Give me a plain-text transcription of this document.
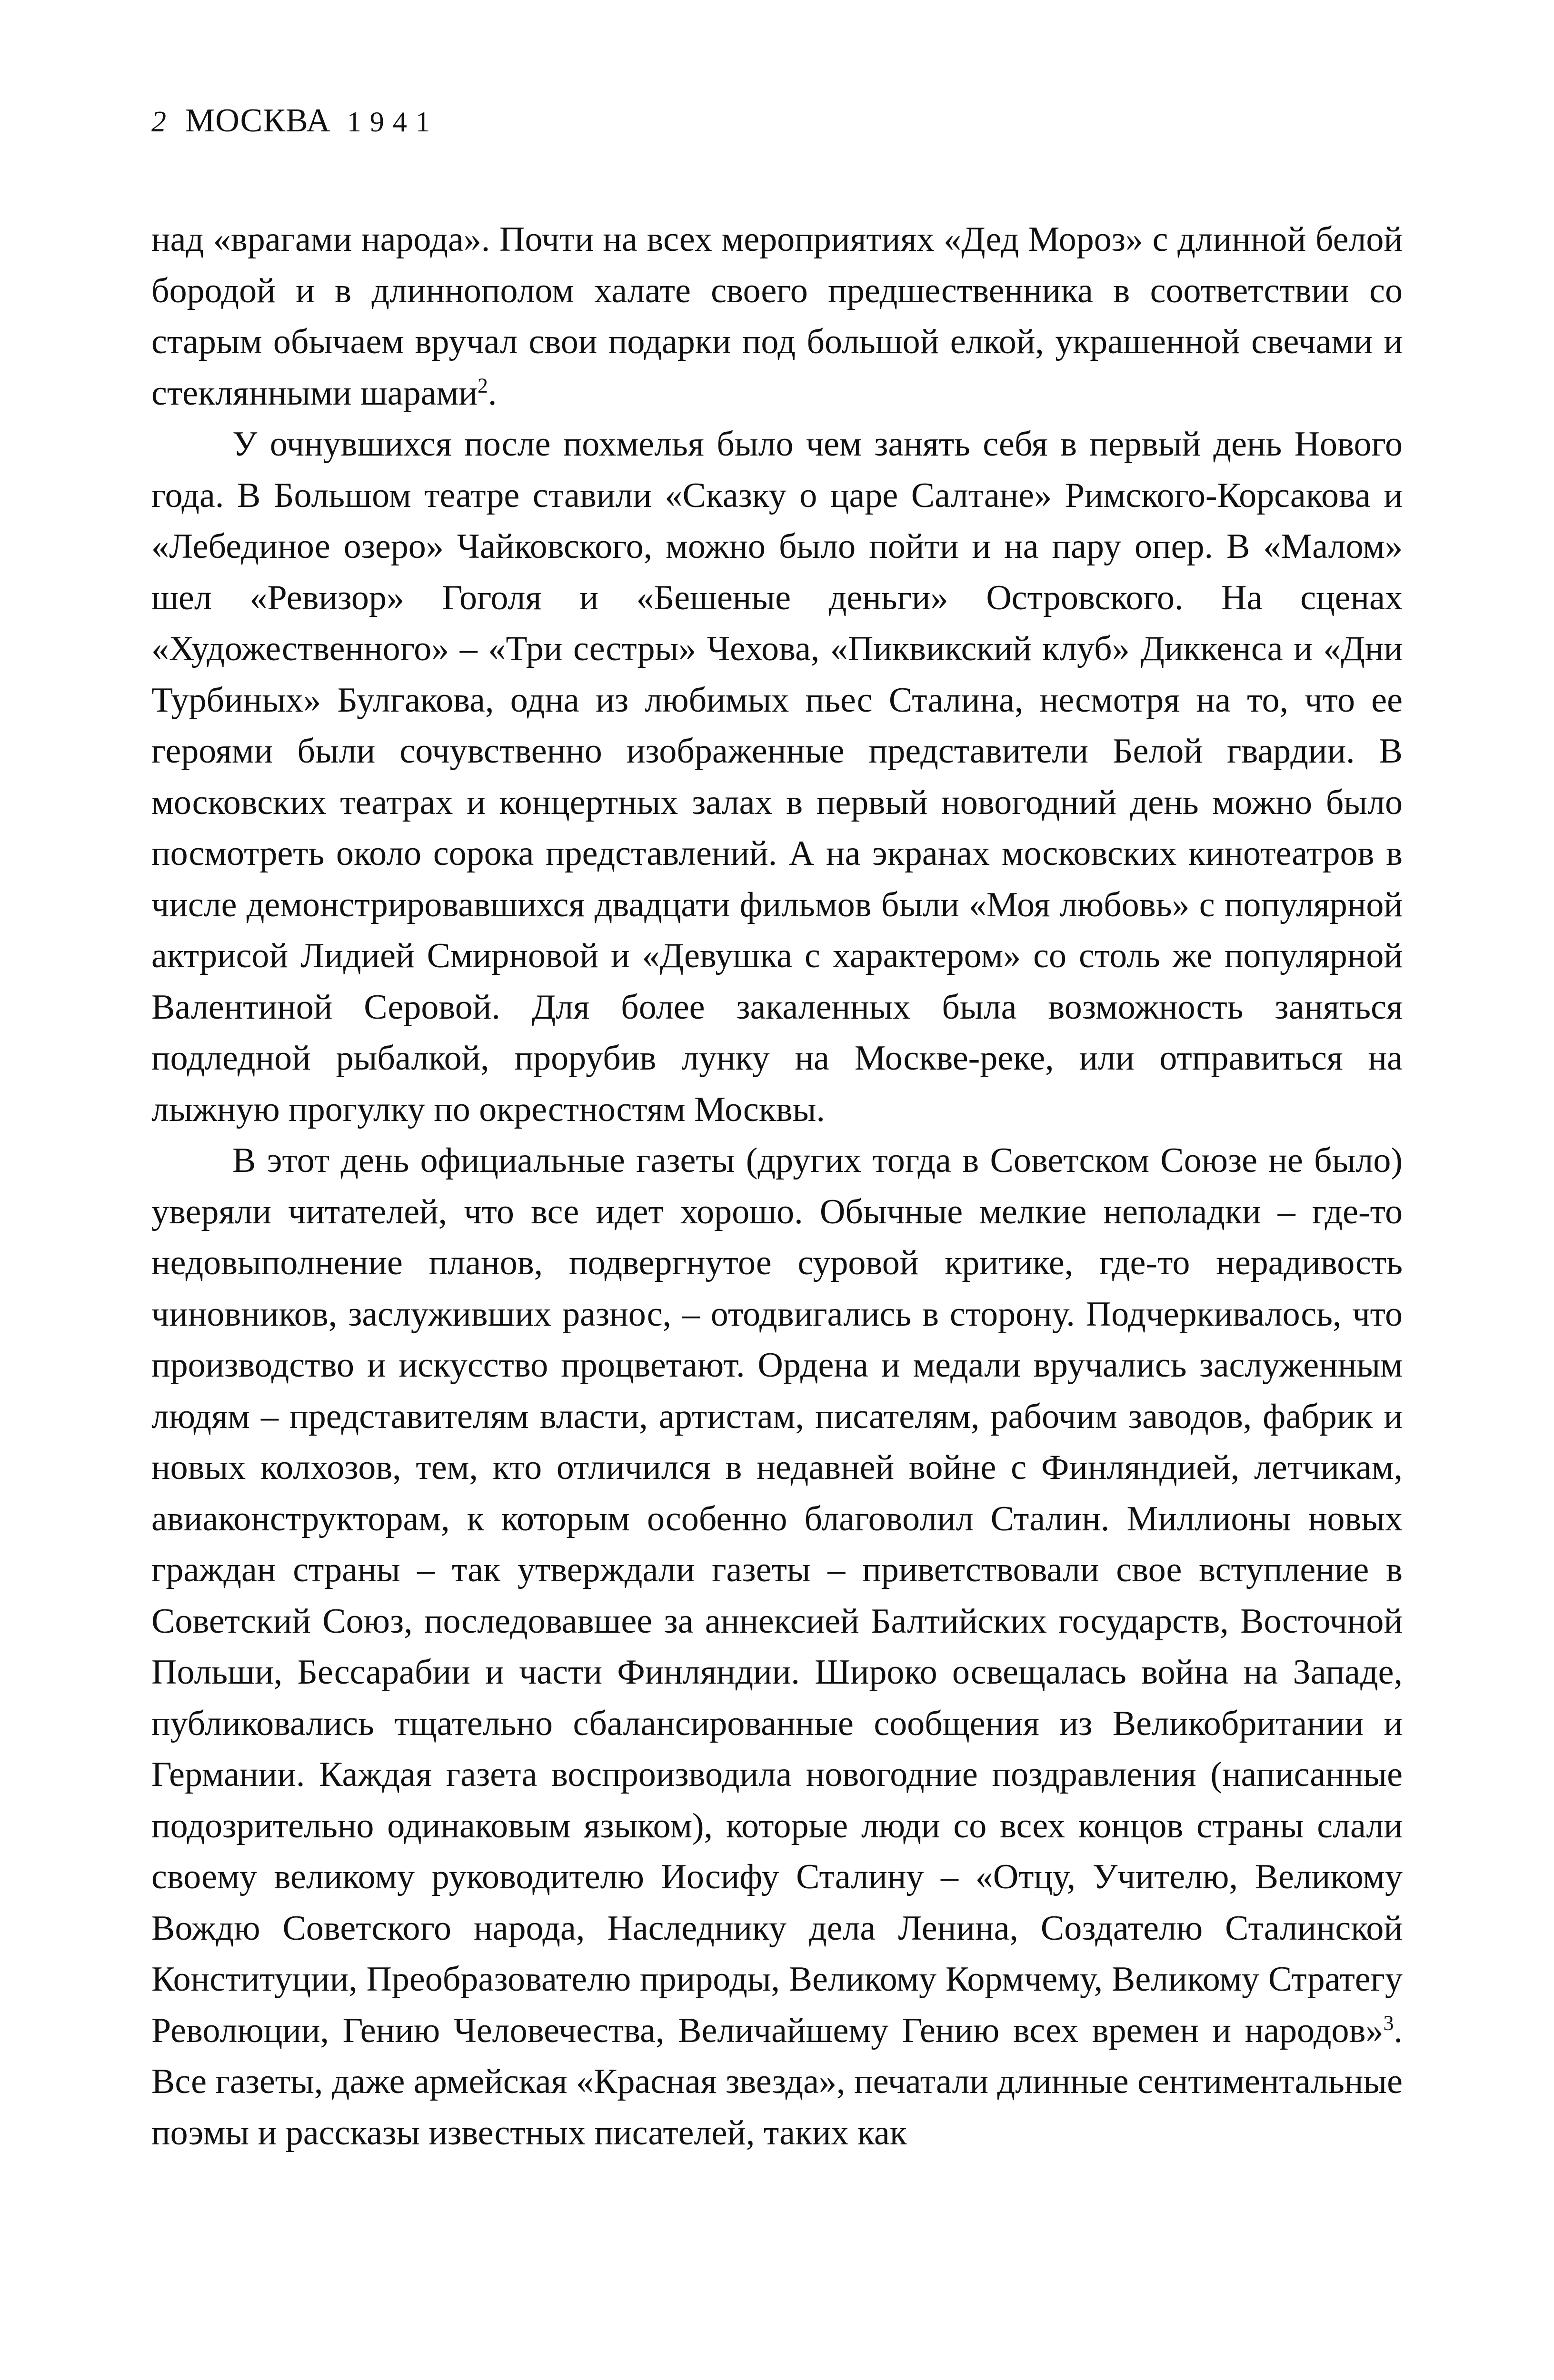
2 МОСКВА 1941

над «врагами народа». Почти на всех мероприятиях «Дед Мороз» с длинной белой бородой и в длиннополом халате своего предшественника в соответствии со старым обычаем вручал свои подарки под большой елкой, украшенной свечами и стеклянными шарами$^2$.

У очнувшихся после похмелья было чем занять себя в первый день Нового года. В Большом театре ставили «Сказку о царе Салтане» Римского-Корсакова и «Лебединое озеро» Чайковского, можно было пойти и на пару опер. В «Малом» шел «Ревизор» Гоголя и «Бешеные деньги» Островского. На сценах «Художественного» – «Три сестры» Чехова, «Пиквикский клуб» Диккенса и «Дни Турбиных» Булгакова, одна из любимых пьес Сталина, несмотря на то, что ее героями были сочувственно изображенные представители Белой гвардии. В московских театрах и концертных залах в первый новогодний день можно было посмотреть около сорока представлений. А на экранах московских кинотеатров в числе демонстрировавшихся двадцати фильмов были «Моя любовь» с популярной актрисой Лидией Смирновой и «Девушка с характером» со столь же популярной Валентиной Серовой. Для более закаленных была возможность заняться подледной рыбалкой, прорубив лунку на Москве-реке, или отправиться на лыжную прогулку по окрестностям Москвы.

В этот день официальные газеты (других тогда в Советском Союзе не было) уверяли читателей, что все идет хорошо. Обычные мелкие неполадки – где-то недовыполнение планов, подвергнутое суровой критике, где-то нерадивость чиновников, заслуживших разнос, – отодвигались в сторону. Подчеркивалось, что производство и искусство процветают. Ордена и медали вручались заслуженным людям – представителям власти, артистам, писателям, рабочим заводов, фабрик и новых колхозов, тем, кто отличился в недавней войне с Финляндией, летчикам, авиаконструкторам, к которым особенно благоволил Сталин. Миллионы новых граждан страны – так утверждали газеты – приветствовали свое вступление в Советский Союз, последовавшее за аннексией Балтийских государств, Восточной Польши, Бессарабии и части Финляндии. Широко освещалась война на Западе, публиковались тщательно сбалансированные сообщения из Великобритании и Германии. Каждая газета воспроизводила новогодние поздравления (написанные подозрительно одинаковым языком), которые люди со всех концов страны слали своему великому руководителю Иосифу Сталину – «Отцу, Учителю, Великому Вождю Советского народа, Наследнику дела Ленина, Создателю Сталинской Конституции, Преобразователю природы, Великому Кормчему, Великому Стратегу Революции, Гению Человечества, Величайшему Гению всех времен и народов»$^3$. Все газеты, даже армейская «Красная звезда», печатали длинные сентиментальные поэмы и рассказы известных писателей, таких как
